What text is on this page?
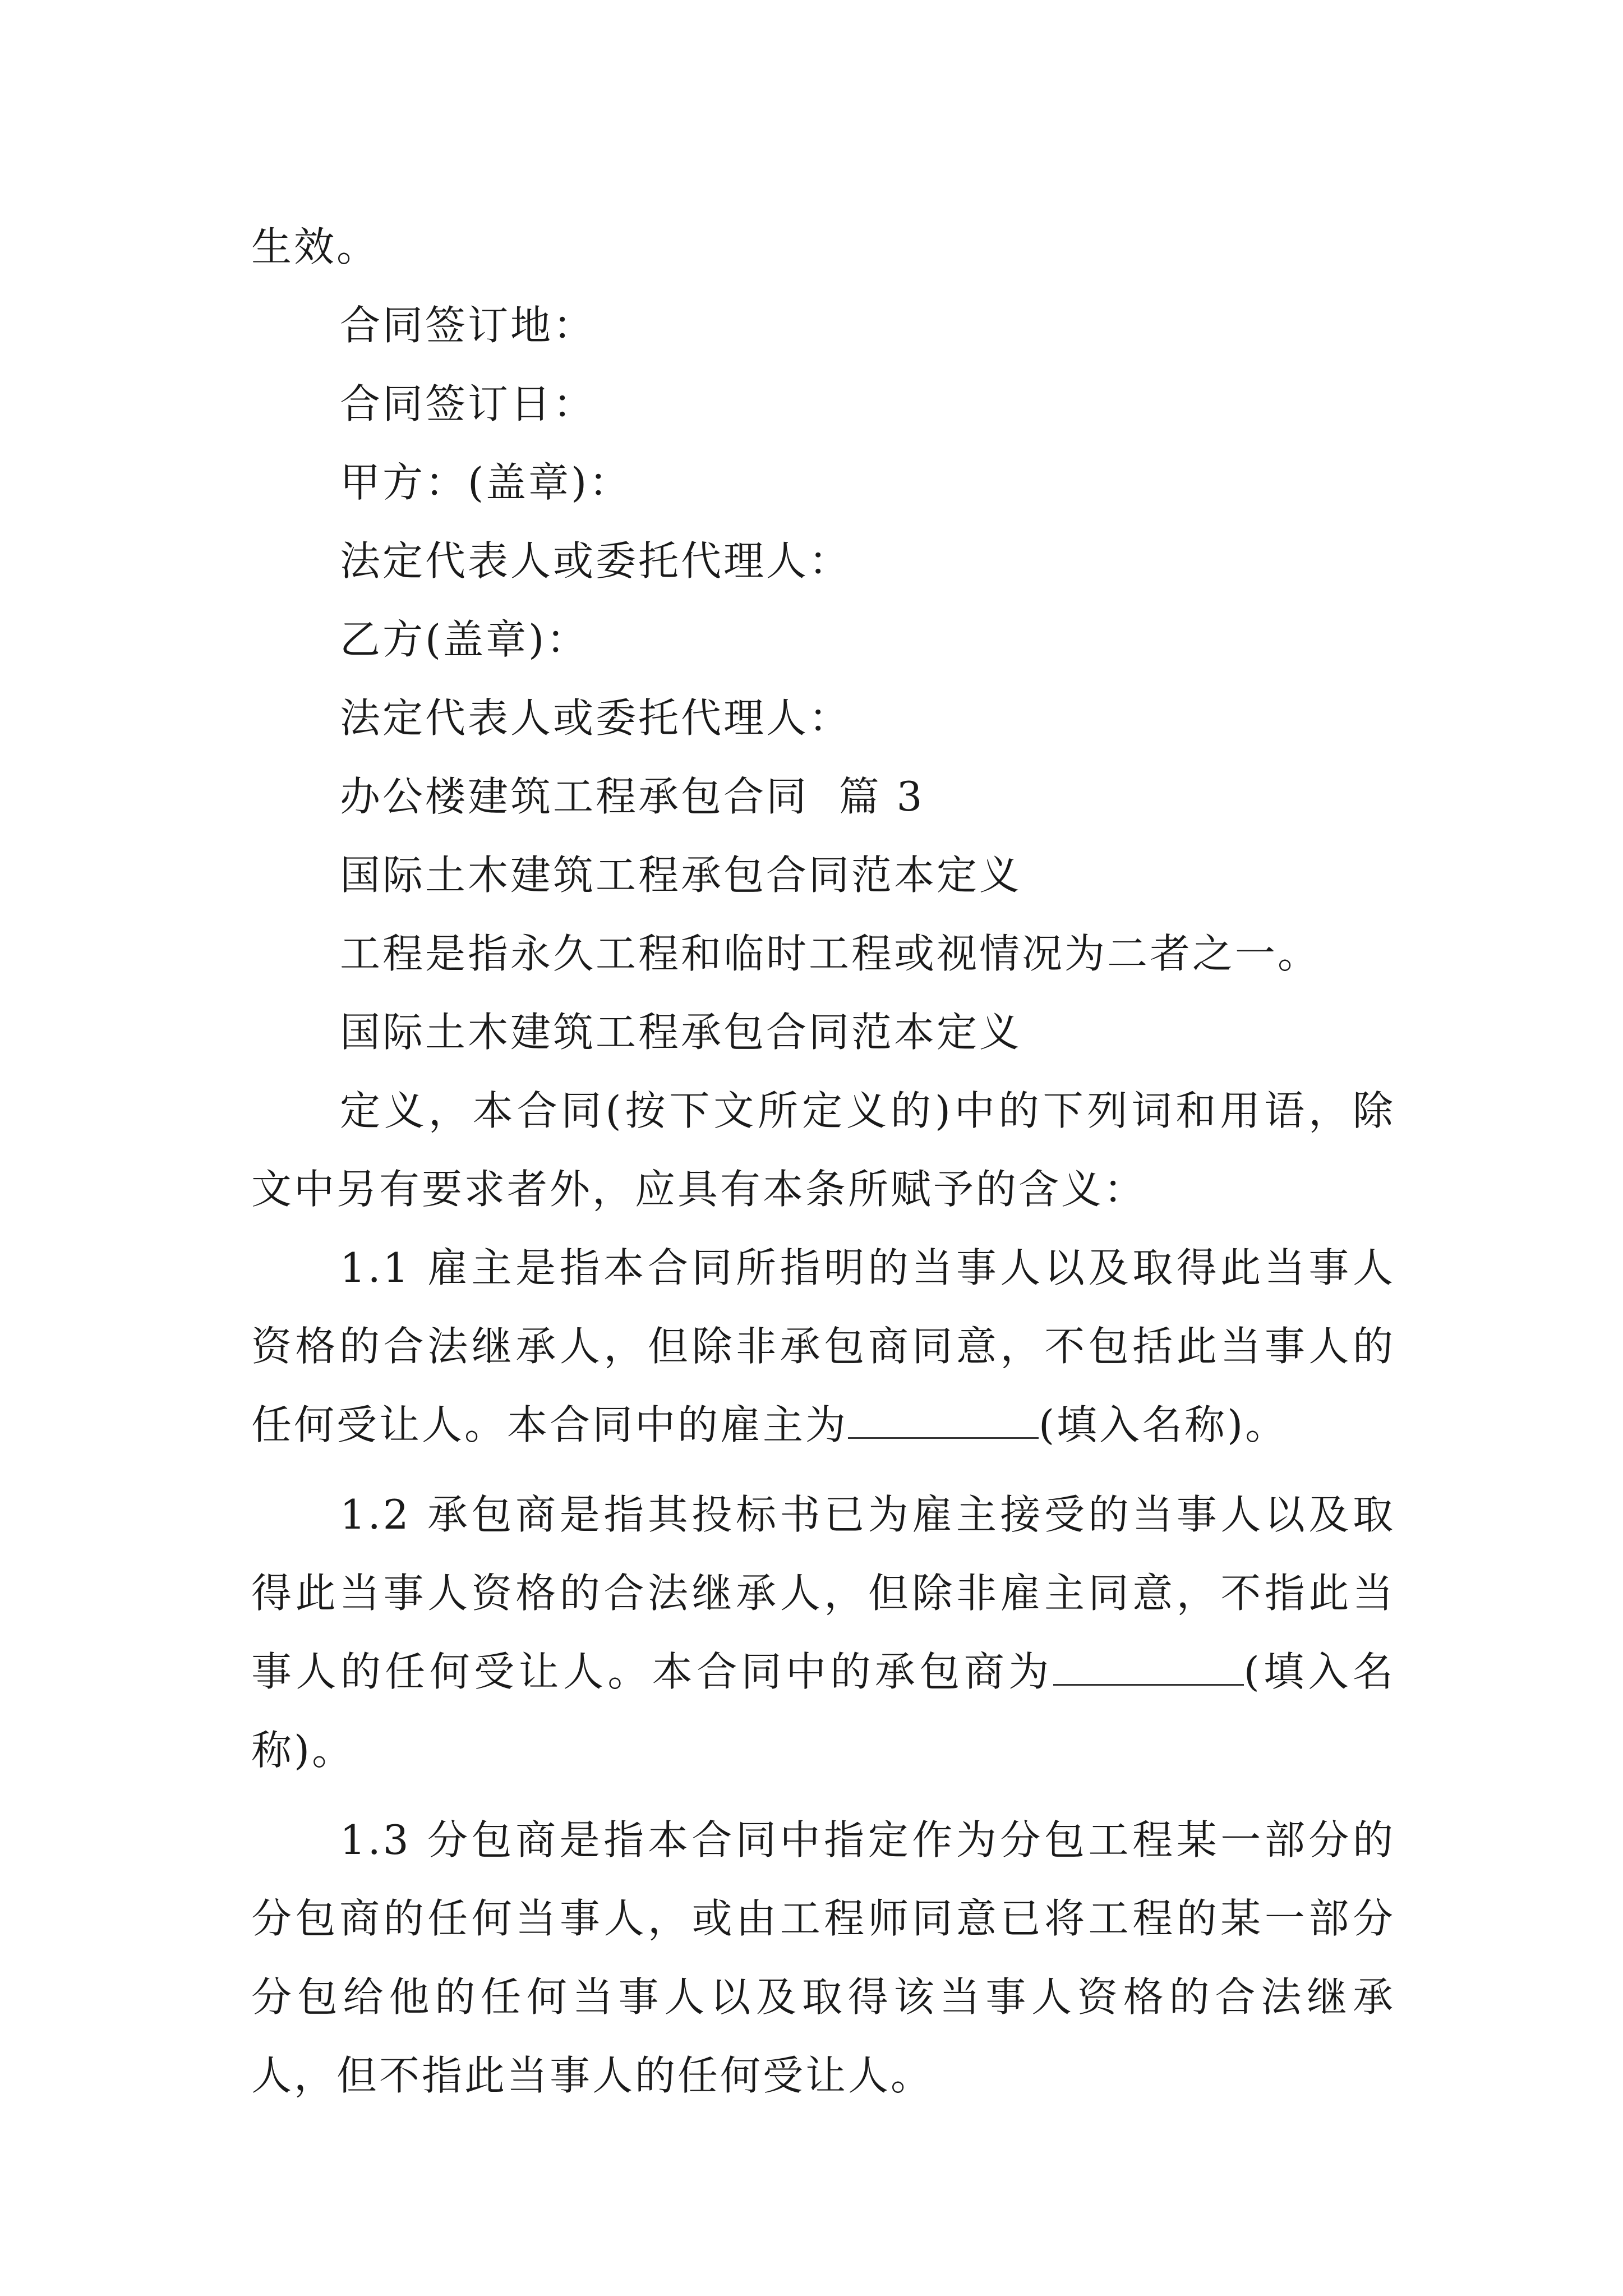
生效。
合同签订地：
合同签订日：
甲方：(盖章)：
法定代表人或委托代理人：
乙方(盖章)：
法定代表人或委托代理人：
办公楼建筑工程承包合同  篇 3
国际土木建筑工程承包合同范本定义
工程是指永久工程和临时工程或视情况为二者之一。
国际土木建筑工程承包合同范本定义
定义，本合同(按下文所定义的)中的下列词和用语，除文中另有要求者外，应具有本条所赋予的含义：
1.1 雇主是指本合同所指明的当事人以及取得此当事人资格的合法继承人，但除非承包商同意，不包括此当事人的任何受让人。本合同中的雇主为	(填入名称)。
1.2 承包商是指其投标书已为雇主接受的当事人以及取得此当事人资格的合法继承人，但除非雇主同意，不指此当事人的任何受让人。本合同中的承包商为	(填入名称)。
1.3 分包商是指本合同中指定作为分包工程某一部分的分包商的任何当事人，或由工程师同意已将工程的某一部分分包给他的任何当事人以及取得该当事人资格的合法继承人，但不指此当事人的任何受让人。
